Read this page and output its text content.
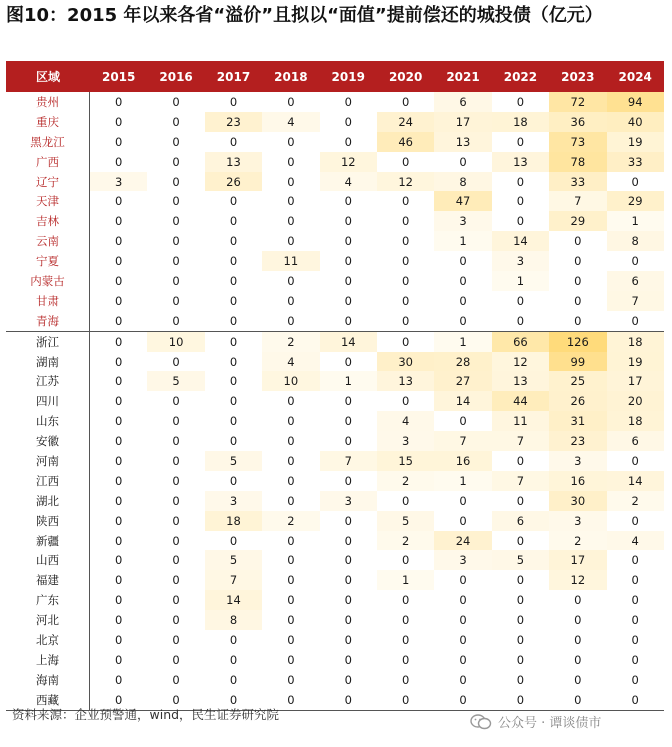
图10：2015 年以来各省“溢价”且拟以“面值”提前偿还的城投债（亿元）
区域	2015	2016	2017	2018	2019	2020	2021	2022	2023	2024
贵州	0	0	0	0	0	0	6	0	72	94
重庆	0	0	23	4	0	24	17	18	36	40
黑龙江	0	0	0	0	0	46	13	0	73	19
广西	0	0	13	0	12	0	0	13	78	33
辽宁	3	0	26	0	4	12	8	0	33	0
天津	0	0	0	0	0	0	47	0	7	29
吉林	0	0	0	0	0	0	3	0	29	1
云南	0	0	0	0	0	0	1	14	0	8
宁夏	0	0	0	11	0	0	0	3	0	0
内蒙古	0	0	0	0	0	0	0	1	0	6
甘肃	0	0	0	0	0	0	0	0	0	7
青海	0	0	0	0	0	0	0	0	0	0
浙江	0	10	0	2	14	0	1	66	126	18
湖南	0	0	0	4	0	30	28	12	99	19
江苏	0	5	0	10	1	13	27	13	25	17
四川	0	0	0	0	0	0	14	44	26	20
山东	0	0	0	0	0	4	0	11	31	18
安徽	0	0	0	0	0	3	7	7	23	6
河南	0	0	5	0	7	15	16	0	3	0
江西	0	0	0	0	0	2	1	7	16	14
湖北	0	0	3	0	3	0	0	0	30	2
陕西	0	0	18	2	0	5	0	6	3	0
新疆	0	0	0	0	0	2	24	0	2	4
山西	0	0	5	0	0	0	3	5	17	0
福建	0	0	7	0	0	1	0	0	12	0
广东	0	0	14	0	0	0	0	0	0	0
河北	0	0	8	0	0	0	0	0	0	0
北京	0	0	0	0	0	0	0	0	0	0
上海	0	0	0	0	0	0	0	0	0	0
海南	0	0	0	0	0	0	0	0	0	0
西藏	0	0	0	0	0	0	0	0	0	0
资料来源：企业预警通，wind，民生证券研究院
公众号 · 谭谈债市
